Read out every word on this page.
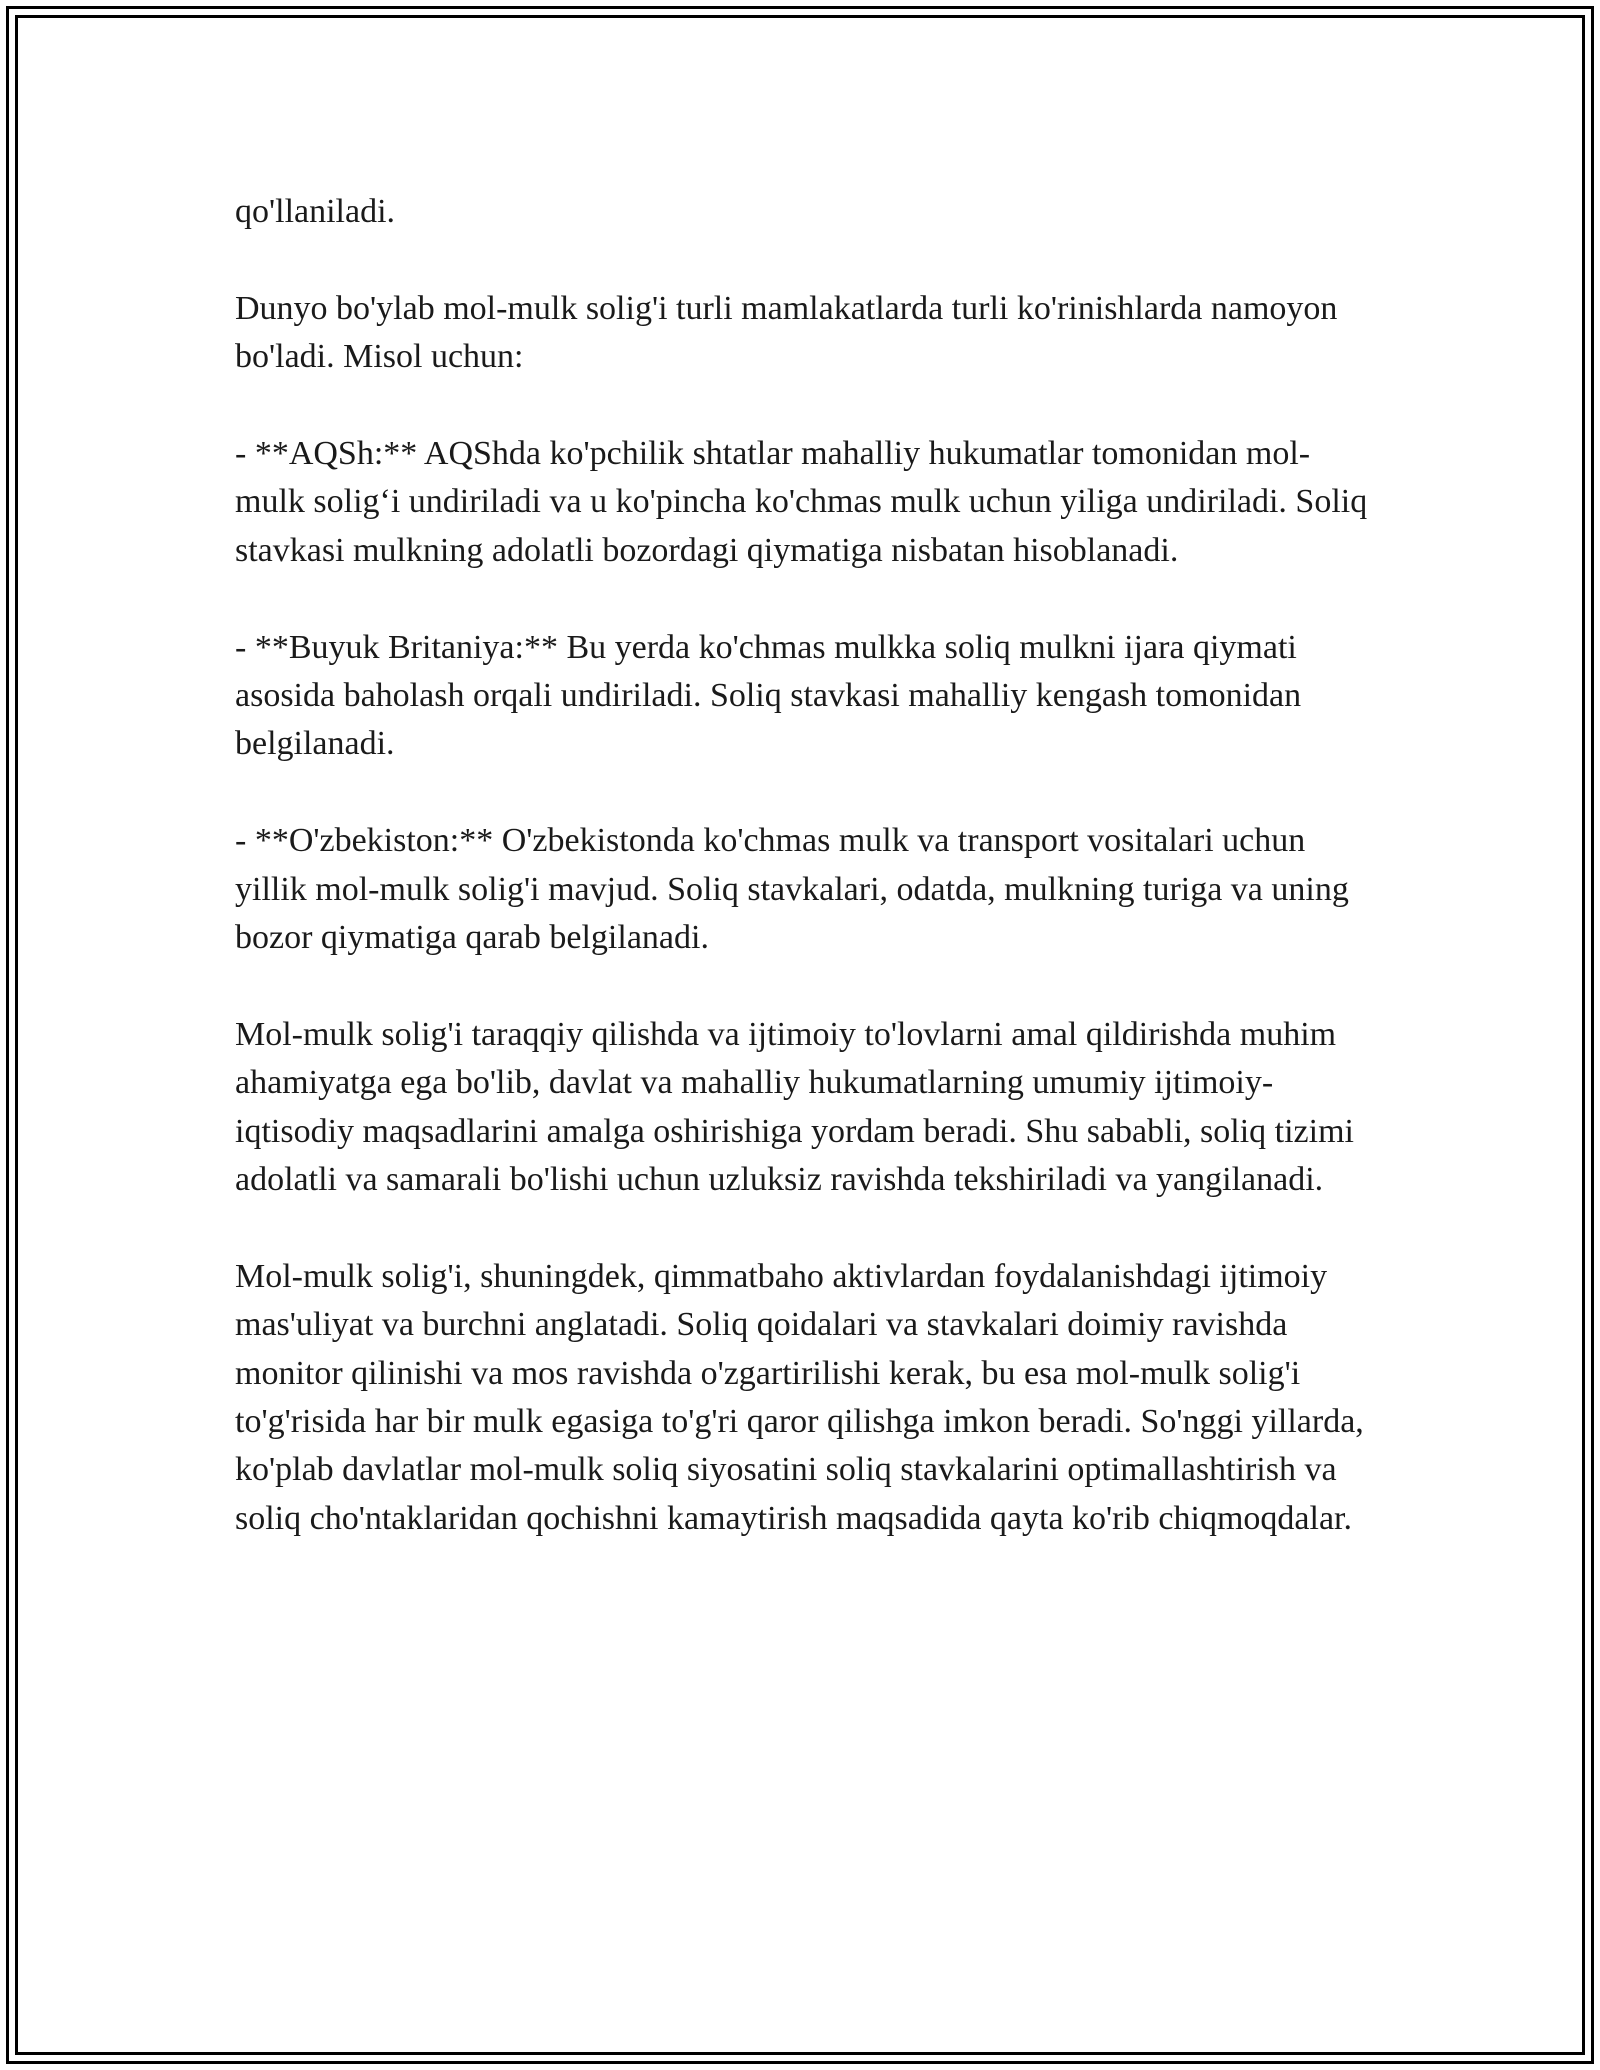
qo'llaniladi.

Dunyo bo'ylab mol-mulk solig'i turli mamlakatlarda turli ko'rinishlarda namoyon bo'ladi. Misol uchun:

- **AQSh:** AQShda ko'pchilik shtatlar mahalliy hukumatlar tomonidan mol-mulk solig‘i undiriladi va u ko'pincha ko'chmas mulk uchun yiliga undiriladi. Soliq stavkasi mulkning adolatli bozordagi qiymatiga nisbatan hisoblanadi.

- **Buyuk Britaniya:** Bu yerda ko'chmas mulkka soliq mulkni ijara qiymati asosida baholash orqali undiriladi. Soliq stavkasi mahalliy kengash tomonidan belgilanadi.

- **O'zbekiston:** O'zbekistonda ko'chmas mulk va transport vositalari uchun yillik mol-mulk solig'i mavjud. Soliq stavkalari, odatda, mulkning turiga va uning bozor qiymatiga qarab belgilanadi.

Mol-mulk solig'i taraqqiy qilishda va ijtimoiy to'lovlarni amal qildirishda muhim ahamiyatga ega bo'lib, davlat va mahalliy hukumatlarning umumiy ijtimoiy-iqtisodiy maqsadlarini amalga oshirishiga yordam beradi. Shu sababli, soliq tizimi adolatli va samarali bo'lishi uchun uzluksiz ravishda tekshiriladi va yangilanadi.

Mol-mulk solig'i, shuningdek, qimmatbaho aktivlardan foydalanishdagi ijtimoiy mas'uliyat va burchni anglatadi. Soliq qoidalari va stavkalari doimiy ravishda monitor qilinishi va mos ravishda o'zgartirilishi kerak, bu esa mol-mulk solig'i to'g'risida har bir mulk egasiga to'g'ri qaror qilishga imkon beradi. So'nggi yillarda, ko'plab davlatlar mol-mulk soliq siyosatini soliq stavkalarini optimallashtirish va soliq cho'ntaklaridan qochishni kamaytirish maqsadida qayta ko'rib chiqmoqdalar.
